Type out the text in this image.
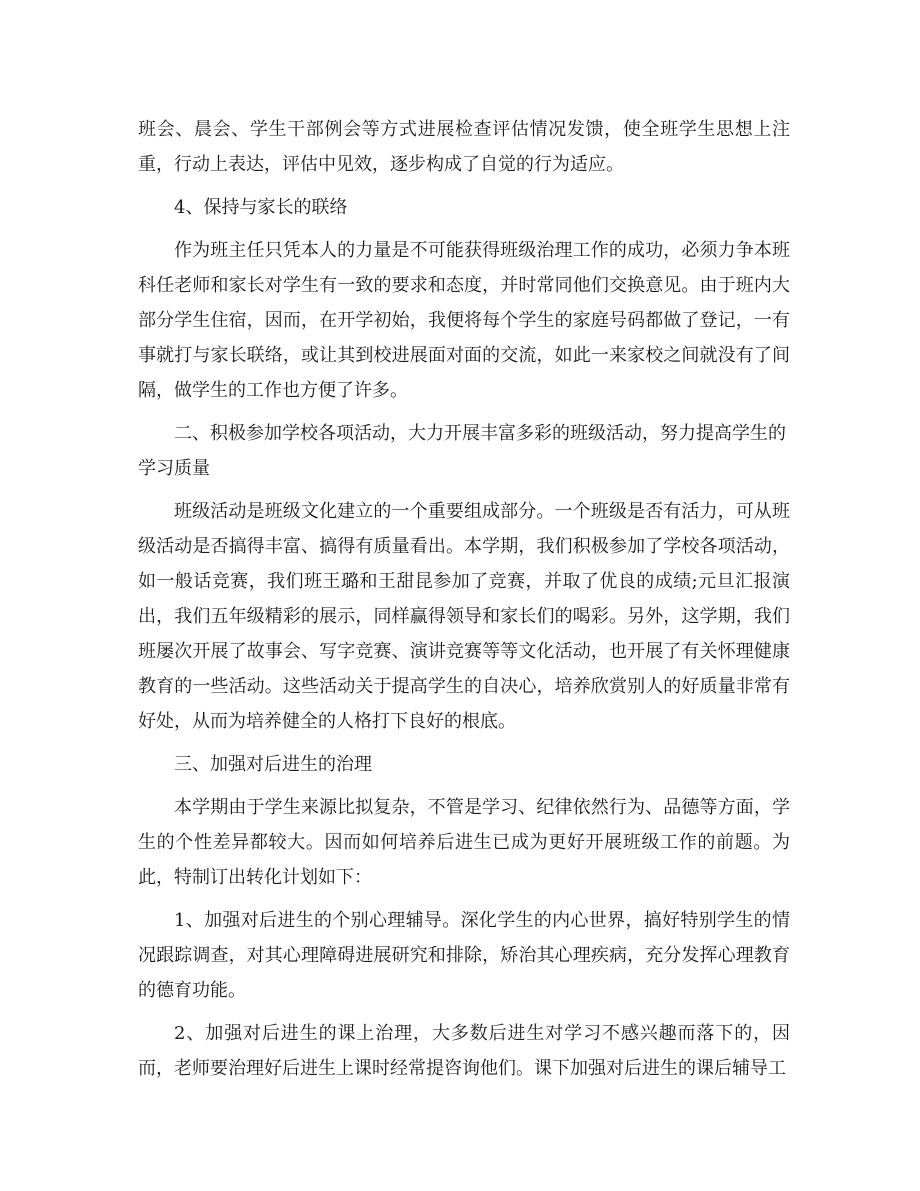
班会、晨会、学生干部例会等方式进展检查评估情况发馈，使全班学生思想上注重，行动上表达，评估中见效，逐步构成了自觉的行为适应。

4、保持与家长的联络

作为班主任只凭本人的力量是不可能获得班级治理工作的成功，必须力争本班科任老师和家长对学生有一致的要求和态度，并时常同他们交换意见。由于班内大部分学生住宿，因而，在开学初始，我便将每个学生的家庭号码都做了登记，一有事就打与家长联络，或让其到校进展面对面的交流，如此一来家校之间就没有了间隔，做学生的工作也方便了许多。

二、积极参加学校各项活动，大力开展丰富多彩的班级活动，努力提高学生的学习质量

班级活动是班级文化建立的一个重要组成部分。一个班级是否有活力，可从班级活动是否搞得丰富、搞得有质量看出。本学期，我们积极参加了学校各项活动，如一般话竞赛，我们班王璐和王甜昆参加了竞赛，并取了优良的成绩;元旦汇报演出，我们五年级精彩的展示，同样赢得领导和家长们的喝彩。另外，这学期，我们班屡次开展了故事会、写字竞赛、演讲竞赛等等文化活动，也开展了有关怀理健康教育的一些活动。这些活动关于提高学生的自决心，培养欣赏别人的好质量非常有好处，从而为培养健全的人格打下良好的根底。

三、加强对后进生的治理

本学期由于学生来源比拟复杂，不管是学习、纪律依然行为、品德等方面，学生的个性差异都较大。因而如何培养后进生已成为更好开展班级工作的前题。为此，特制订出转化计划如下：

1、加强对后进生的个别心理辅导。深化学生的内心世界，搞好特别学生的情况跟踪调查，对其心理障碍进展研究和排除，矫治其心理疾病，充分发挥心理教育的德育功能。

2、加强对后进生的课上治理，大多数后进生对学习不感兴趣而落下的，因而，老师要治理好后进生上课时经常提咨询他们。课下加强对后进生的课后辅导工
